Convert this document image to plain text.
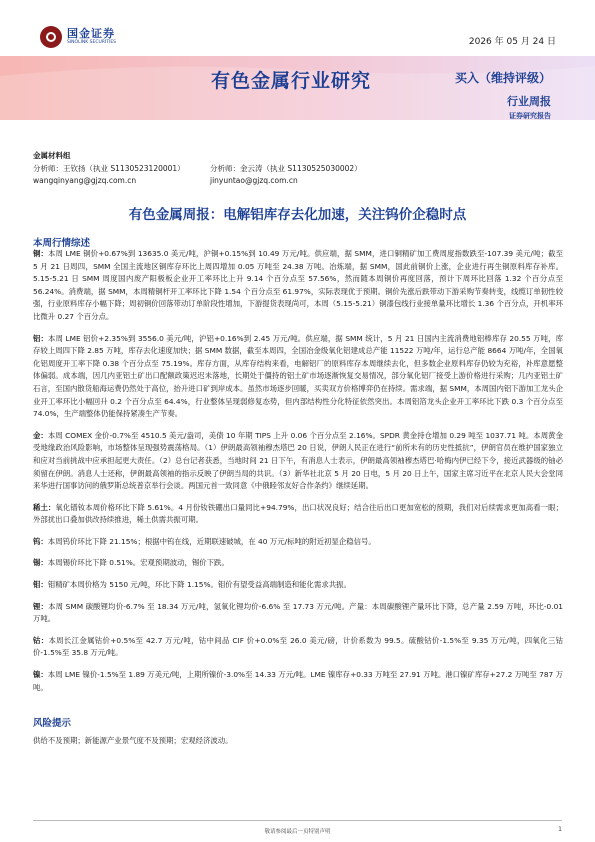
国金证券
SINOLINK SECURITIES	2026 年 05 月 24 日
有色金属行业研究	买入（维持评级）
行业周报
证券研究报告
金属材料组
分析师：王钦扬（执业 S1130523120001）
wangqinyang@gjzq.com.cn
分析师：金云涛（执业 S1130525030002）
jinyuntao@gjzq.com.cn
有色金属周报：电解铝库存去化加速，关注钨价企稳时点
本周行情综述

铜：本周 LME 铜价+0.67%到 13635.0 美元/吨，沪铜+0.15%到 10.49 万元/吨。供应端，据 SMM，进口铜精矿加工费周度指数跌至-107.39 美元/吨；截至 5 月 21 日周四，SMM 全国主流地区铜库存环比上周四增加 0.05 万吨至 24.38 万吨。冶炼端，据 SMM，国此前铜价上涨，企业进行再生铜原料库存补库。5.15-5.21 日 SMM 周度国内废产阳极板企业开工率环比上升 9.14 个百分点至 57.56%，然而随本周铜价再度回落，预计下周环比回落 1.32 个百分点至 56.24%。消费端，据 SMM，本周精铜杆开工率环比下降 1.54 个百分点至 61.97%，实际表现优于预期。铜价先涨后跌带动下游采购节奏转变，线缆订单韧性较强，行业原料库存小幅下降；周初铜价回落带动订单阶段性增加，下游提货表现尚可，本周（5.15-5.21）铜漆包线行业接单量环比增长 1.36 个百分点，开机率环比微升 0.27 个百分点。

铝：本周 LME 铝价+2.35%到 3556.0 美元/吨，沪铝+0.16%到 2.45 万元/吨。供应端，据 SMM 统计，5 月 21 日国内主流消费地铝棒库存 20.55 万吨，库存较上周四下降 2.85 万吨，库存去化速度加快；据 SMM 数据，截至本周四，全国冶金级氧化铝建成总产能 11522 万吨/年，运行总产能 8664 万吨/年，全国氧化铝周度开工率下降 0.38 个百分点至 75.19%。库存方面，从库存结构来看，电解铝厂的原料库存本周继续去化，但多数企业原料库存仍较为充裕，补库意愿整体偏弱。成本端，因几内亚铝土矿出口配额政策迟迟未落地，长期处于僵持的铝土矿市场逐渐恢复交易情况，部分氧化铝厂接受上游价格进行采购；几内亚铝土矿石言，至国内散货船海运费仍然处于高位，抬升进口矿到岸成本。虽然市场逐步回暖，买卖双方价格博弈仍在持续。需求端，据 SMM，本周国内铝下游加工龙头企业开工率环比小幅回升 0.2 个百分点至 64.4%，行业整体呈现弱修复态势，但内部结构性分化特征依然突出。本周铝箔龙头企业开工率环比下跌 0.3 个百分点至 74.0%，生产端整体仍能保持紧凑生产节奏。

金：本周 COMEX 金价-0.7%至 4510.5 美元/盎司，美债 10 年期 TIPS 上升 0.06 个百分点至 2.16%。SPDR 黄金持仓增加 0.29 吨至 1037.71 吨。本周黄金受地缘政治风险影响，市场整体呈现强势震荡格局。（1）伊朗最高领袖穆杰塔巴 20 日说，伊朗人民正在进行“前所未有的历史性抵抗”，伊朗官员在维护国家独立和应对当前挑战中应承担起更大责任。（2）总台记者获悉，当地时间 21 日下午，有消息人士表示，伊朗最高领袖穆杰塔巴·哈梅内伊已经下令，接近武器级的铀必须留在伊朗。消息人士还称，伊朗最高领袖的指示反映了伊朗当局的共识。（3）新华社北京 5 月 20 日电，5 月 20 日上午，国家主席习近平在北京人民大会堂同来华进行国事访问的俄罗斯总统普京举行会谈。两国元首一致同意《中俄睦邻友好合作条约》继续延期。

稀土：氧化镨钕本周价格环比下降 5.61%。4 月份钕铁硼出口量同比+94.79%，出口状况良好；结合往后出口更加宽松的预期，我们对后续需求更加高看一眼；外部扰出口叠加供改持续推进，稀土供需共振可期。

钨：本周钨价环比下降 21.15%；根据中钨在线，近期联速破城，在 40 万元/标吨的附近初显企稳信号。

锡：本周锡价环比下降 0.51%。宏观预期波动，锡价下跌。

钼：钼精矿本周价格为 5150 元/吨，环比下降 1.15%。钼价有望受益高端制造和能化需求共振。

锂：本周 SMM 碳酸锂均价-6.7% 至 18.34 万元/吨，氢氧化锂均价-6.6% 至 17.73 万元/吨。产量：本周碳酸锂产量环比下降，总产量 2.59 万吨，环比-0.01 万吨。

钴：本周长江金属钴价+0.5%至 42.7 万元/吨，钴中间品 CIF 价+0.0%至 26.0 美元/磅，计价系数为 99.5。硫酸钴价-1.5%至 9.35 万元/吨，四氧化三钴价-1.5%至 35.8 万元/吨。

镍：本周 LME 镍价-1.5%至 1.89 万美元/吨，上期所镍价-3.0%至 14.33 万元/吨。LME 镍库存+0.33 万吨至 27.91 万吨。港口镍矿库存+27.2 万吨至 787 万吨。

风险提示
供给不及预期；新能源产业景气度不及预期；宏观经济波动。
敬请参阅最后一页特别声明	1
